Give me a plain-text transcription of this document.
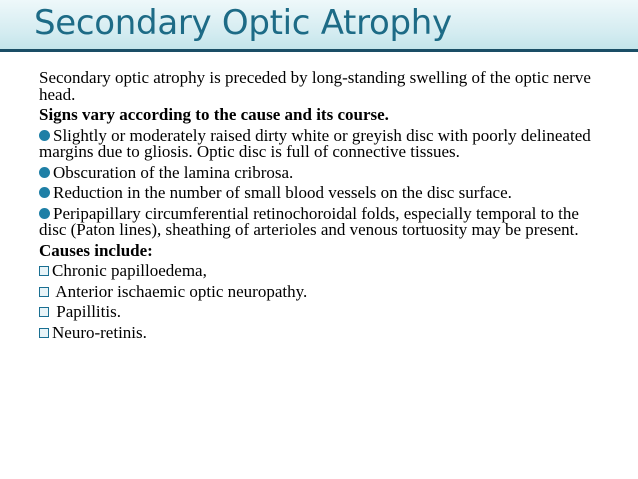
Secondary Optic Atrophy
Secondary optic atrophy is preceded by long-standing swelling of the optic nerve head.
Signs vary according to the cause and its course.
Slightly or moderately raised dirty white or greyish disc with poorly delineated margins due to gliosis. Optic disc is full of connective tissues.
Obscuration of the lamina cribrosa.
Reduction in the number of small blood vessels on the disc surface.
Peripapillary circumferential retinochoroidal folds, especially temporal to the disc (Paton lines), sheathing of arterioles and venous tortuosity may be present.
Causes include:
Chronic papilloedema,
Anterior ischaemic optic neuropathy.
Papillitis.
Neuro-retinis.
